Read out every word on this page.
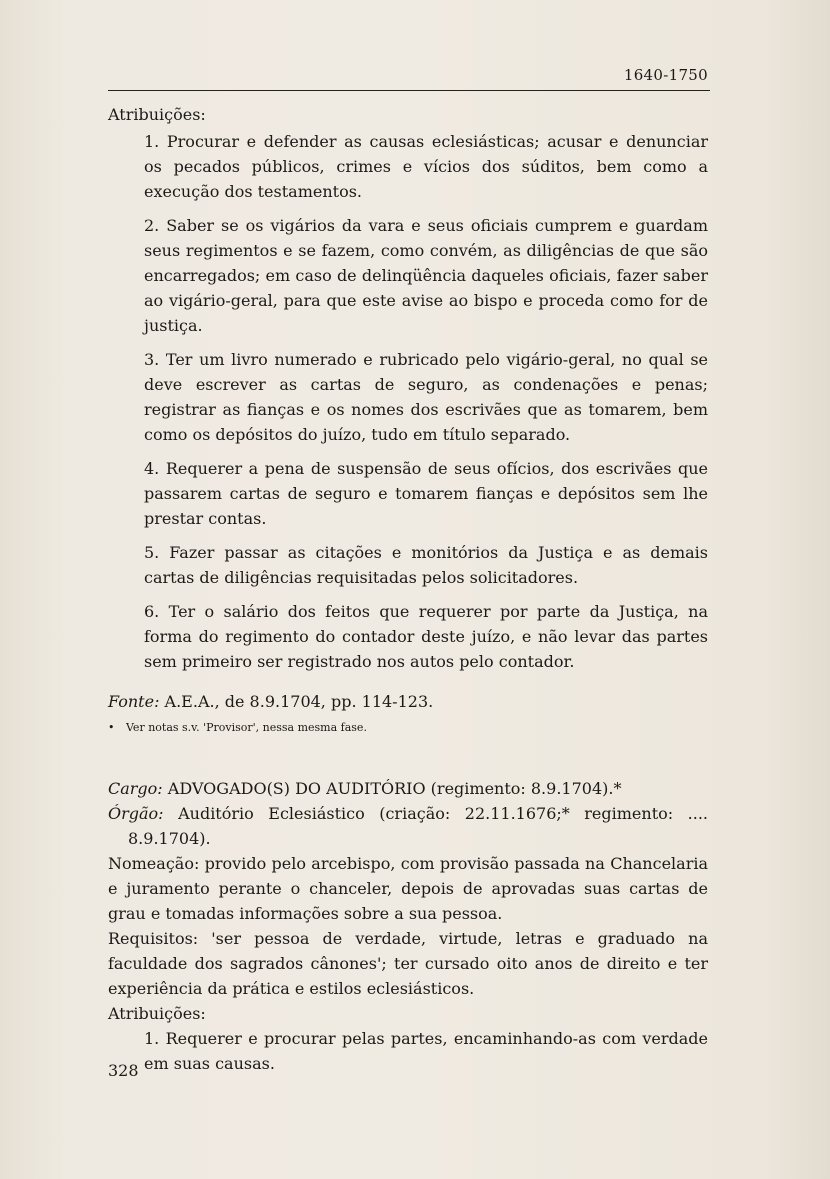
1640-1750

Atribuições:

1. Procurar e defender as causas eclesiásticas; acusar e denunciar os pecados públicos, crimes e vícios dos súditos, bem como a execução dos testamentos.

2. Saber se os vigários da vara e seus oficiais cumprem e guardam seus regimentos e se fazem, como convém, as diligências de que são encarregados; em caso de delinqüência daqueles oficiais, fazer saber ao vigário-geral, para que este avise ao bispo e proceda como for de justiça.

3. Ter um livro numerado e rubricado pelo vigário-geral, no qual se deve escrever as cartas de seguro, as condenações e penas; registrar as fianças e os nomes dos escrivães que as tomarem, bem como os depósitos do juízo, tudo em título separado.

4. Requerer a pena de suspensão de seus ofícios, dos escrivães que passarem cartas de seguro e tomarem fianças e depósitos sem lhe prestar contas.

5. Fazer passar as citações e monitórios da Justiça e as demais cartas de diligências requisitadas pelos solicitadores.

6. Ter o salário dos feitos que requerer por parte da Justiça, na forma do regimento do contador deste juízo, e não levar das partes sem primeiro ser registrado nos autos pelo contador.

Fonte: A.E.A., de 8.9.1704, pp. 114-123.

• Ver notas s.v. 'Provisor', nessa mesma fase.

Cargo: ADVOGADO(S) DO AUDITÓRIO (regimento: 8.9.1704).*

Órgão: Auditório Eclesiástico (criação: 22.11.1676;* regimento: .... 8.9.1704).

Nomeação: provido pelo arcebispo, com provisão passada na Chancelaria e juramento perante o chanceler, depois de aprovadas suas cartas de grau e tomadas informações sobre a sua pessoa.

Requisitos: 'ser pessoa de verdade, virtude, letras e graduado na faculdade dos sagrados cânones'; ter cursado oito anos de direito e ter experiência da prática e estilos eclesiásticos.

Atribuições:

1. Requerer e procurar pelas partes, encaminhando-as com verdade em suas causas.

328
